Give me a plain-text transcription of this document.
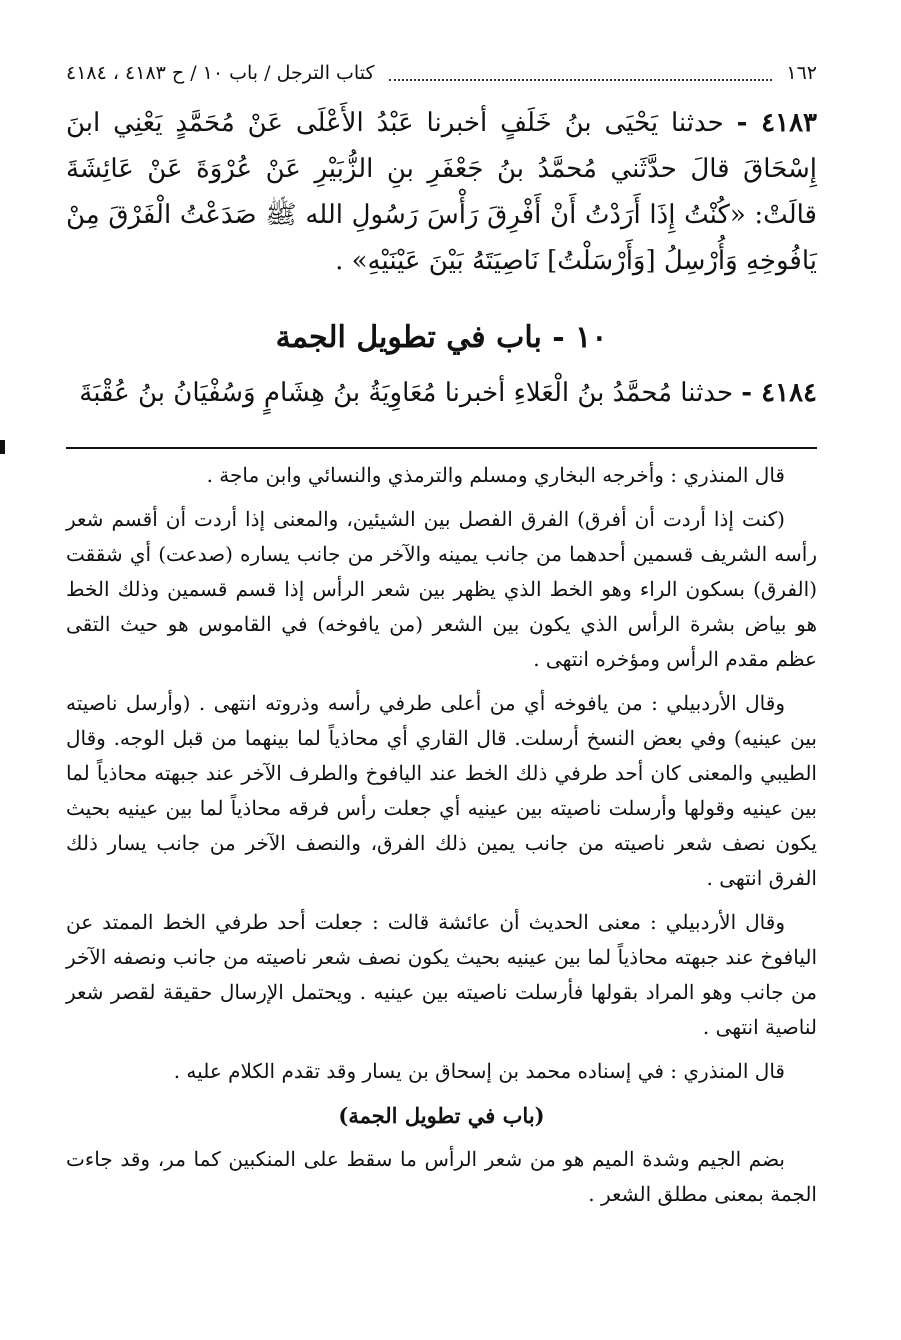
١٦٢
كتاب الترجل / باب ١٠ / ح ٤١٨٣ ، ٤١٨٤
٤١٨٣ - حدثنا يَحْيَى بنُ خَلَفٍ أخبرنا عَبْدُ الأَعْلَى عَنْ مُحَمَّدٍ يَعْنِي ابنَ إِسْحَاقَ قالَ حدَّثَني مُحمَّدُ بنُ جَعْفَرِ بنِ الزُّبَيْرِ عَنْ عُرْوَةَ عَنْ عَائِشَةَ قالَتْ: «كُنْتُ إِذَا أَرَدْتُ أَنْ أَفْرِقَ رَأْسَ رَسُولِ الله ﷺ صَدَعْتُ الْفَرْقَ مِنْ يَافُوخِهِ وَأُرْسِلُ [وَأَرْسَلْتُ] نَاصِيَتَهُ بَيْنَ عَيْنَيْهِ» .
١٠ - باب في تطويل الجمة
٤١٨٤ - حدثنا مُحمَّدُ بنُ الْعَلاءِ أخبرنا مُعَاوِيَةُ بنُ هِشَامٍ وَسُفْيَانُ بنُ عُقْبَةَ

قال المنذري : وأخرجه البخاري ومسلم والترمذي والنسائي وابن ماجة .

(كنت إذا أردت أن أفرق) الفرق الفصل بين الشيئين، والمعنى إذا أردت أن أقسم شعر رأسه الشريف قسمين أحدهما من جانب يمينه والآخر من جانب يساره (صدعت) أي شققت (الفرق) بسكون الراء وهو الخط الذي يظهر بين شعر الرأس إذا قسم قسمين وذلك الخط هو بياض بشرة الرأس الذي يكون بين الشعر (من يافوخه) في القاموس هو حيث التقى عظم مقدم الرأس ومؤخره انتهى .

وقال الأردبيلي : من يافوخه أي من أعلى طرفي رأسه وذروته انتهى . (وأرسل ناصيته بين عينيه) وفي بعض النسخ أرسلت. قال القاري أي محاذياً لما بينهما من قبل الوجه. وقال الطيبي والمعنى كان أحد طرفي ذلك الخط عند اليافوخ والطرف الآخر عند جبهته محاذياً لما بين عينيه وقولها وأرسلت ناصيته بين عينيه أي جعلت رأس فرقه محاذياً لما بين عينيه بحيث يكون نصف شعر ناصيته من جانب يمين ذلك الفرق، والنصف الآخر من جانب يسار ذلك الفرق انتهى .

وقال الأردبيلي : معنى الحديث أن عائشة قالت : جعلت أحد طرفي الخط الممتد عن اليافوخ عند جبهته محاذياً لما بين عينيه بحيث يكون نصف شعر ناصيته من جانب ونصفه الآخر من جانب وهو المراد بقولها فأرسلت ناصيته بين عينيه . ويحتمل الإرسال حقيقة لقصر شعر لناصية انتهى .

قال المنذري : في إسناده محمد بن إسحاق بن يسار وقد تقدم الكلام عليه .

(باب في تطويل الجمة)

بضم الجيم وشدة الميم هو من شعر الرأس ما سقط على المنكبين كما مر، وقد جاءت الجمة بمعنى مطلق الشعر .
